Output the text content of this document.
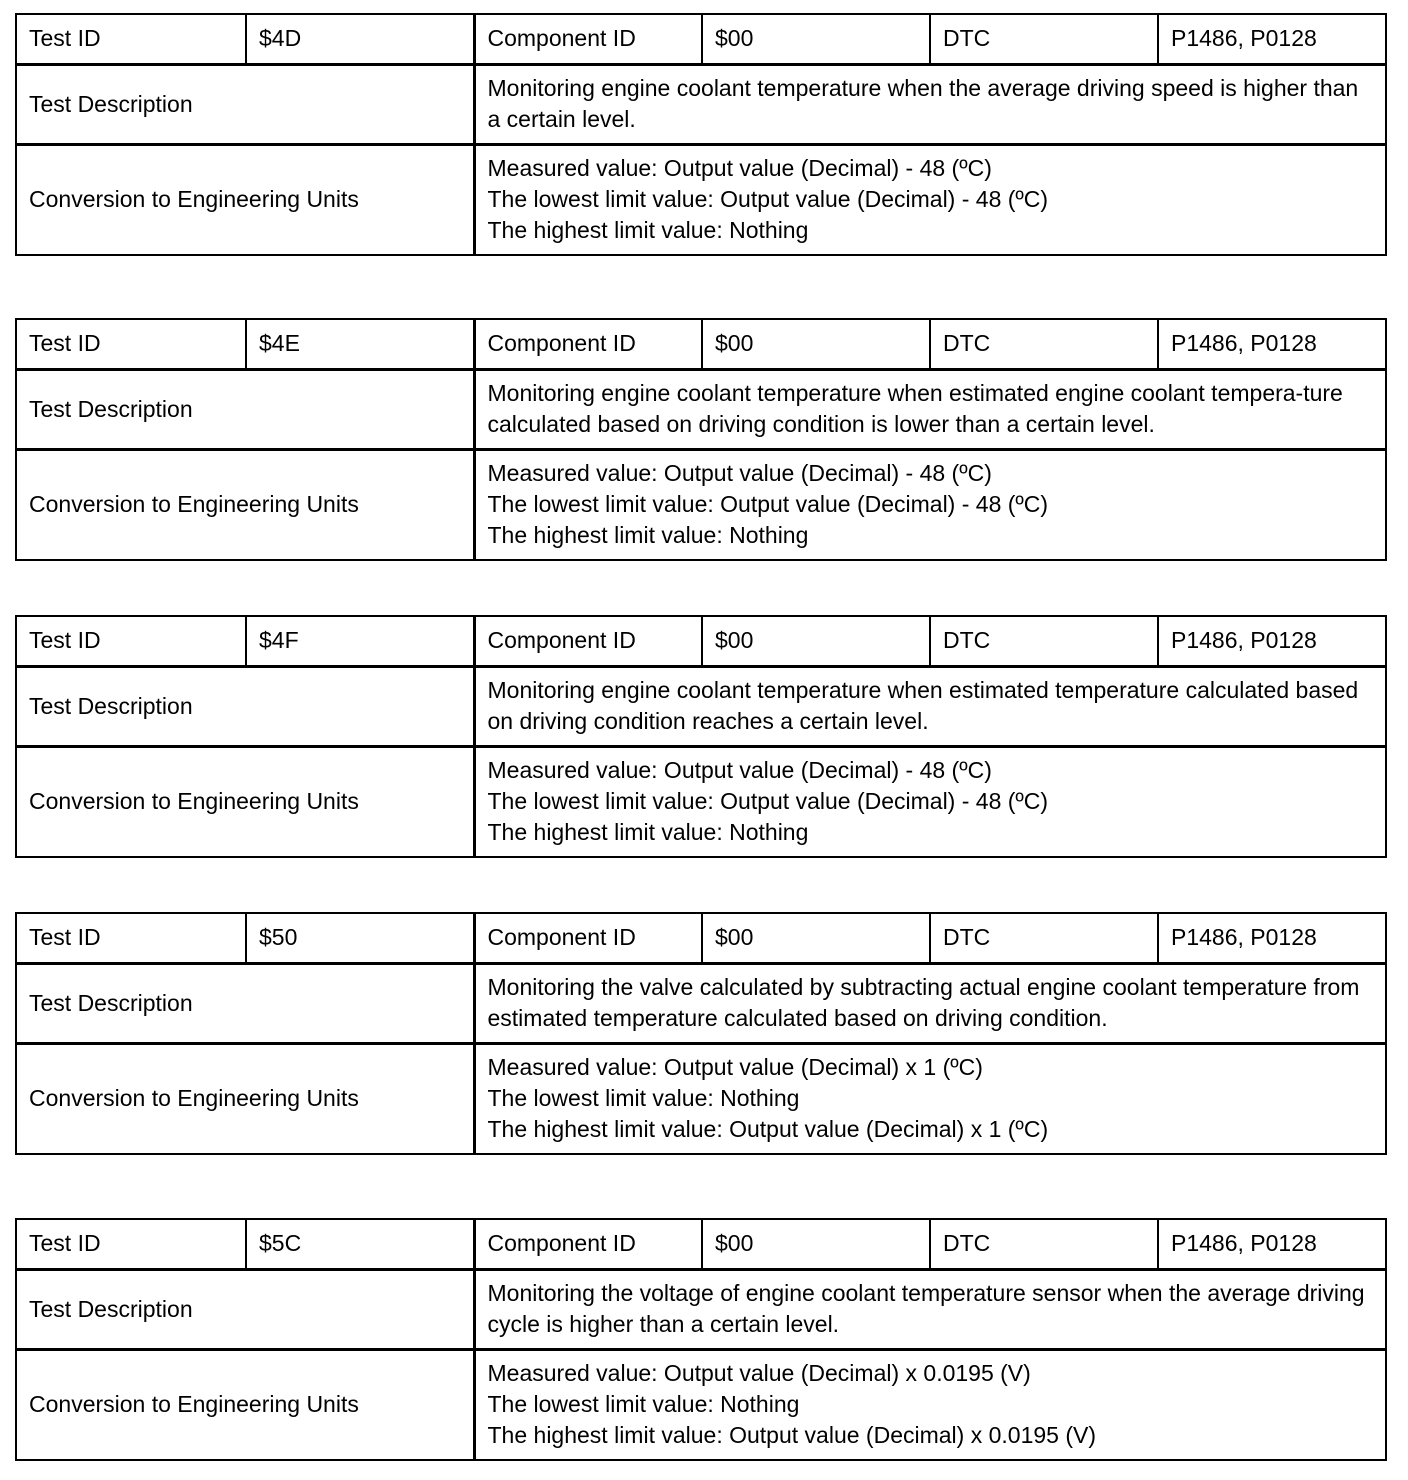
Test ID	$4D	Component ID	$00	DTC	P1486, P0128
Test Description		Monitoring engine coolant temperature when the average driving speed is higher than a certain level.			
Conversion to Engineering Units		Measured value: Output value (Decimal) - 48 (ºC)
The lowest limit value: Output value (Decimal) - 48 (ºC)
The highest limit value: Nothing			
Test ID	$4E	Component ID	$00	DTC	P1486, P0128
Test Description		Monitoring engine coolant temperature when estimated engine coolant tempera-ture calculated based on driving condition is lower than a certain level.			
Conversion to Engineering Units		Measured value: Output value (Decimal) - 48 (ºC)
The lowest limit value: Output value (Decimal) - 48 (ºC)
The highest limit value: Nothing			
Test ID	$4F	Component ID	$00	DTC	P1486, P0128
Test Description		Monitoring engine coolant temperature when estimated temperature calculated based on driving condition reaches a certain level.			
Conversion to Engineering Units		Measured value: Output value (Decimal) - 48 (ºC)
The lowest limit value: Output value (Decimal) - 48 (ºC)
The highest limit value: Nothing			
Test ID	$50	Component ID	$00	DTC	P1486, P0128
Test Description		Monitoring the valve calculated by subtracting actual engine coolant temperature from estimated temperature calculated based on driving condition.			
Conversion to Engineering Units		Measured value: Output value (Decimal) x 1 (ºC)
The lowest limit value: Nothing
The highest limit value: Output value (Decimal) x 1 (ºC)			
Test ID	$5C	Component ID	$00	DTC	P1486, P0128
Test Description		Monitoring the voltage of engine coolant temperature sensor when the average driving cycle is higher than a certain level.			
Conversion to Engineering Units		Measured value: Output value (Decimal) x 0.0195 (V)
The lowest limit value: Nothing
The highest limit value: Output value (Decimal) x 0.0195 (V)			
